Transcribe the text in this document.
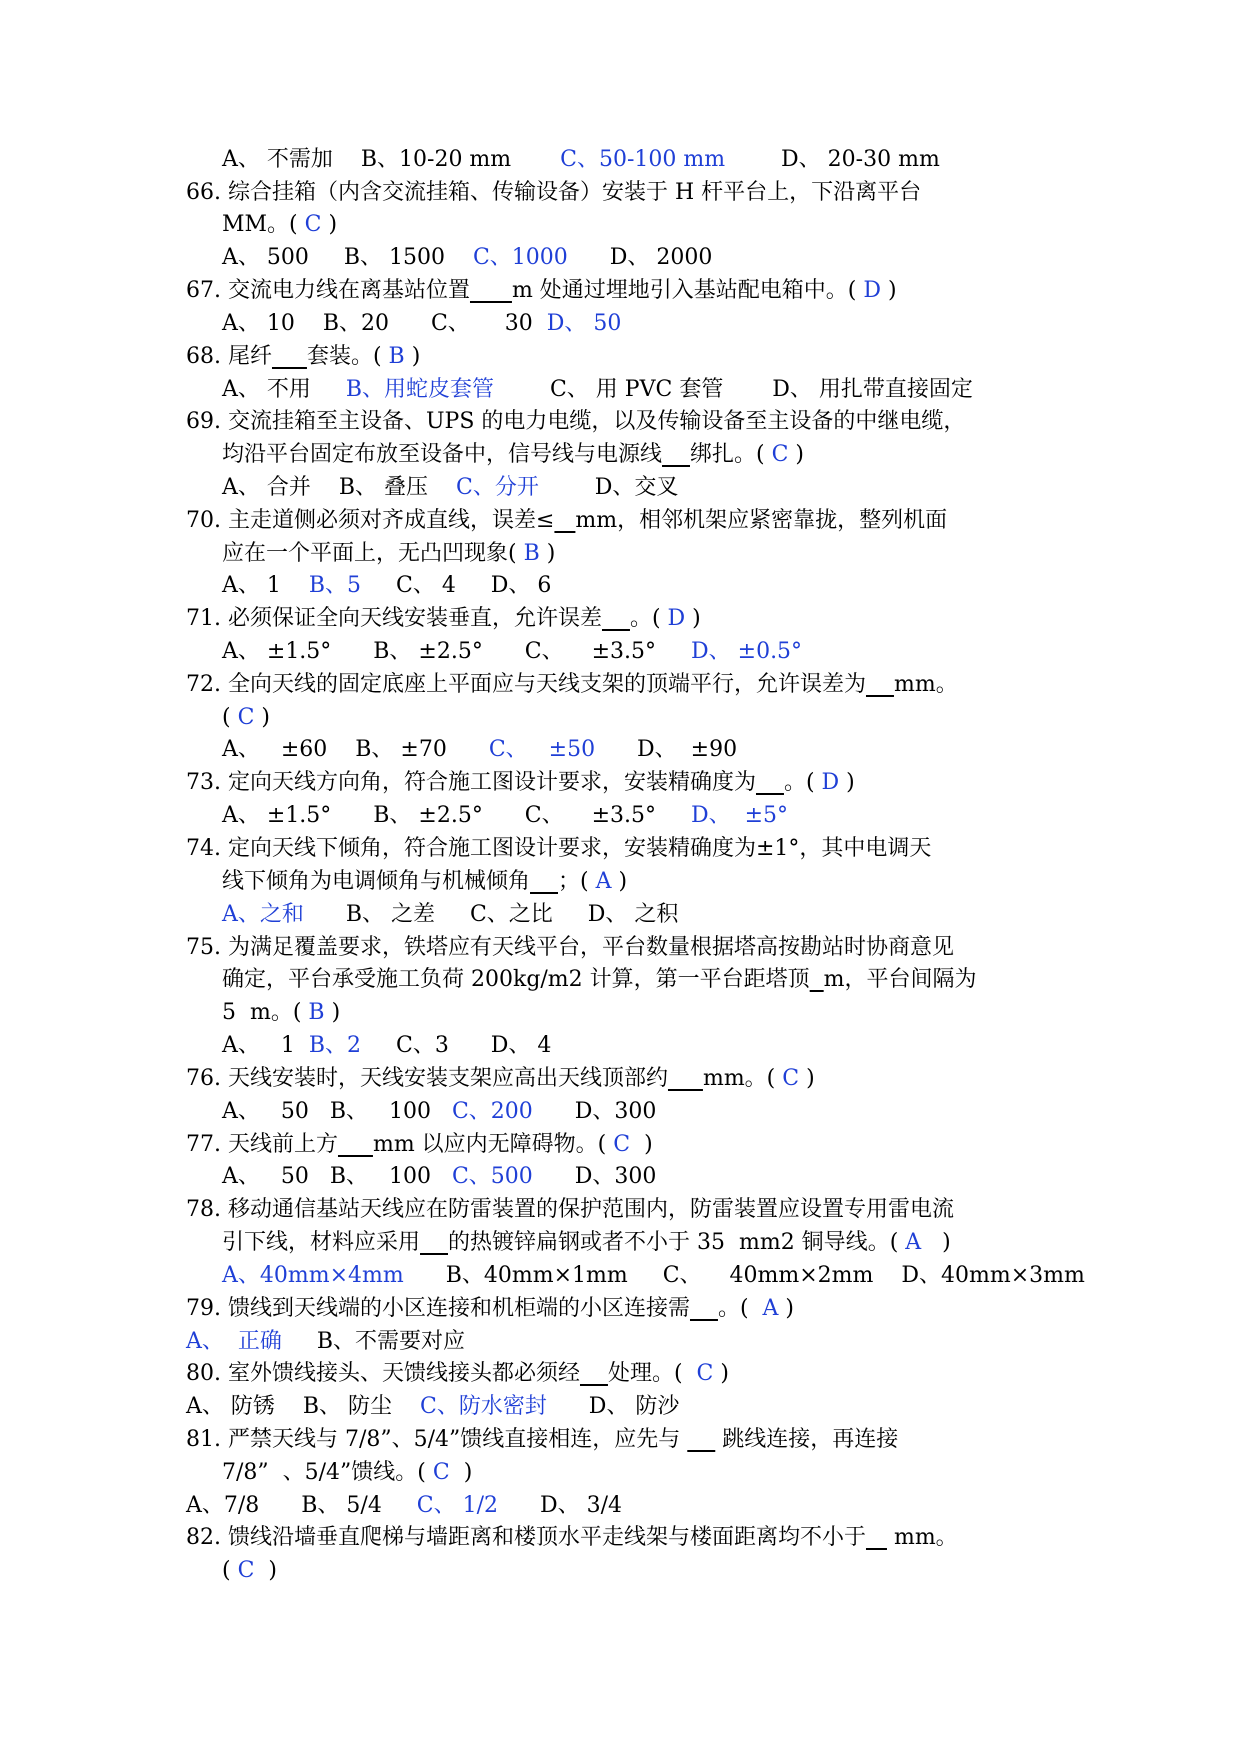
A、 不需加    B、10-20 mm       C、50-100 mm        D、 20-30 mm
66. 综合挂箱（内含交流挂箱、传输设备）安装于 H 杆平台上，下沿离平台
MM。( C )
A、 500     B、 1500    C、1000      D、 2000
67. 交流电力线在离基站位置 m 处通过埋地引入基站配电箱中。( D )
A、 10    B、20      C、     30  D、 50
68. 尾纤 套装。( B )
A、 不用     B、用蛇皮套管        C、 用 PVC 套管       D、 用扎带直接固定
69. 交流挂箱至主设备、UPS 的电力电缆，以及传输设备至主设备的中继电缆，
均沿平台固定布放至设备中，信号线与电源线 绑扎。( C )
A、 合并    B、 叠压    C、分开        D、交叉
70. 主走道侧必须对齐成直线，误差≤ mm，相邻机架应紧密靠拢，整列机面
应在一个平面上，无凸凹现象( B )
A、 1    B、5     C、 4     D、 6
71. 必须保证全向天线安装垂直，允许误差 。( D )
A、 ±1.5°      B、 ±2.5°      C、    ±3.5°     D、 ±0.5°
72. 全向天线的固定底座上平面应与天线支架的顶端平行，允许误差为 mm。
( C )
A、   ±60    B、 ±70      C、   ±50      D、  ±90
73. 定向天线方向角，符合施工图设计要求，安装精确度为 。( D )
A、 ±1.5°      B、 ±2.5°      C、    ±3.5°     D、  ±5°
74. 定向天线下倾角，符合施工图设计要求，安装精确度为±1°，其中电调天
线下倾角为电调倾角与机械倾角 ；( A )
A、之和      B、 之差     C、之比     D、 之积
75. 为满足覆盖要求，铁塔应有天线平台，平台数量根据塔高按勘站时协商意见
确定，平台承受施工负荷 200kg/m2 计算，第一平台距塔顶 m，平台间隔为
5  m。( B )
A、   1  B、2     C、3      D、 4
76. 天线安装时，天线安装支架应高出天线顶部约 mm。( C )
A、   50   B、   100   C、200      D、300
77. 天线前上方 mm 以应内无障碍物。( C  )
A、   50   B、   100   C、500      D、300
78. 移动通信基站天线应在防雷装置的保护范围内，防雷装置应设置专用雷电流
引下线，材料应采用 的热镀锌扁钢或者不小于 35  mm2 铜导线。( A   )
A、40mm×4mm      B、40mm×1mm     C、    40mm×2mm    D、40mm×3mm
79. 馈线到天线端的小区连接和机柜端的小区连接需 。(  A )
A、  正确     B、不需要对应
80. 室外馈线接头、天馈线接头都必须经 处理。(  C )
A、 防锈    B、 防尘    C、防水密封      D、 防沙
81. 严禁天线与 7/8”、5/4”馈线直接相连，应先与      跳线连接，再连接
7/8”  、5/4”馈线。( C  )
A、7/8      B、 5/4     C、 1/2      D、 3/4
82. 馈线沿墙垂直爬梯与墙距离和楼顶水平走线架与楼面距离均不小于    mm。
( C  )
